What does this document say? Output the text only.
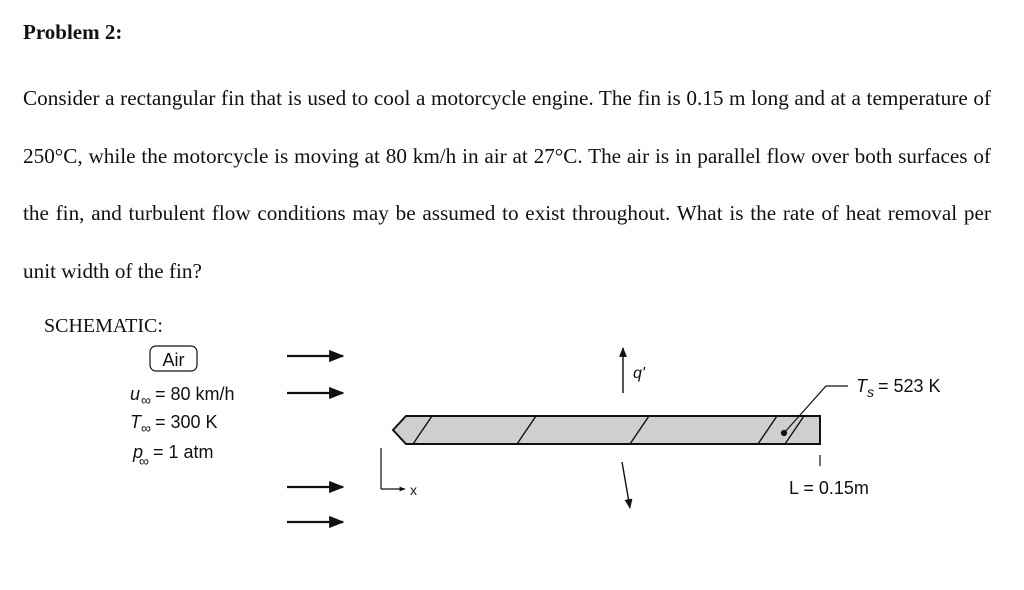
Problem 2:

Consider a rectangular fin that is used to cool a motorcycle engine. The fin is 0.15 m long and at a temperature of 250°C, while the motorcycle is moving at 80 km/h in air at 27°C. The air is in parallel flow over both surfaces of the fin, and turbulent flow conditions may be assumed to exist throughout. What is the rate of heat removal per unit width of the fin?

SCHEMATIC:
Air
u ∞ = 80 km/h
T ∞ = 300 K
p
∞ = 1 atm
x
q'
T s = 523 K
L = 0.15m
